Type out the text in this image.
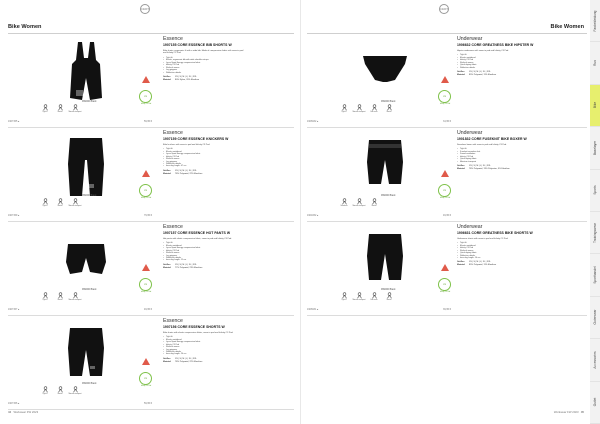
CRAFT
Bike Women
999000 Black
C3
Infinity C3 Pad
Tight fit	Stretch	Moisture transport
1907155 ●	59,95 €
Essence
1907155 CORE ESSENCE BIB SHORTS W
Bike shorts, ergonomic fit with a wide bib. Made of compression fabric with sewn-in pad and Infinity C3 Pad.
• Tight fit
• Elastic, ergonomic bib with wide shoulder straps
• Lycra Sport Energy compression fabric
• Infinity C3 Pad
• Flatlock seams
• Leg grippers
• Reflective details
Größen XS | S | M | L | XL | XXL
Material 80% Nylon, 20% Elasthan
999000 Black
C3
Infinity C3 Pad
Tight fit	Stretch	Moisture transport
1907159 ●	79,95 €
Essence
1907159 CORE ESSENCE KNICKERS W
Bike knickers with sewn-in pad and Infinity C3 Pad.
• Tight fit
• Elastic waistband
• Lycra Sport Energy compression fabric
• Infinity C3 Pad
• Flatlock seams
• Leg grippers
• Reflective details
• Inner leg length: 47 cm
Größen XS | S | M | L | XL | XXL
Material 78% Polyamid, 22% Elasthan
999000 Black
C3
Infinity C3 Pad
Tight fit	Stretch	Moisture transport
1907157 ●	49,95 €
Essence
1907157 CORE ESSENCE HOT PANTS W
Hot pants with elastic compression fabric, sewn-in pad and Infinity C3 Pad.
• Tight fit
• Elastic waistband
• Lycra Sport Energy compression fabric
• Infinity C3 Pad
• Flatlock seams
• Leg grippers
• Reflective details
• Inner leg length: 11 cm
Größen XS | S | M | L | XL | XXL
Material 77% Polyamid, 23% Elasthan
999000 Black
C3
Infinity C3 Pad
Tight fit	Stretch	Moisture transport
1907156 ●	59,95 €
Essence
1907156 CORE ESSENCE SHORTS W
Bike shorts with elastic compression fabric, sewn-in pad and Infinity C3 Pad.
• Tight fit
• Elastic waistband
• Lycra Sport Energy compression fabric
• Infinity C3 Pad
• Flatlock seams
• Leg grippers
• Reflective details
• Inner leg length: 24 cm
Größen XS | S | M | L | XL | XXL
Material 78% Polyamid, 22% Elasthan
44 Workwear FW 2023
CRAFT
Bike Women
999000 Black
C3
Infinity C3 Pad
Tight fit	Moisture transport	Soft touch	Stretch
1906632 ●	34,95 €
Underwear
1906632 CORE GREATNESS BIKE HIPSTER W
Hipster underwear with sewn-in pad and Infinity C3 Pad.
• Tight fit
• Elastic waistband
• Infinity C3 Pad
• Flatlock seams
• Quick-drying fabric
• Reflective details
Größen XS | S | M | L | XL | XXL
Material 89% Polyamid, 11% Elasthan
999000 Black
C3
Infinity C3 Pad
Seamless	Moisture transport	Stretch
1901832 ●	49,95 €
Underwear
1901832 CORE FUSEKNIT BIKE BOXER W
Seamless boxer with sewn-in pad and Infinity C3 Pad.
• Tight fit
• Fuseknit seamless knit
• Zoned ventilation
• Infinity C3 Pad
• Quick-drying fabric
• Moisture transport
Größen XS | S | M | L | XL | XXL
Material 78% Polyamid, 13% Polyester, 9% Elasthan
999000 Black
C3
Infinity C3 Pad
Tight fit	Moisture transport	Soft touch	Stretch
1906631 ●	39,95 €
Underwear
1906631 CORE GREATNESS BIKE SHORTS W
Underwear shorts with sewn-in pad and Infinity C3 Pad.
• Tight fit
• Elastic waistband
• Infinity C3 Pad
• Flatlock seams
• Quick-drying fabric
• Reflective details
• Inner leg length: 14 cm
Größen XS | S | M | L | XL | XXL
Material 89% Polyamid, 11% Elasthan
Workwear FW 2023 45
Fanbekleidung
Run
Bike
Baselayer
Sports
Trainingswear
Sporthandel
Outerwear
Accessories
Outlet
